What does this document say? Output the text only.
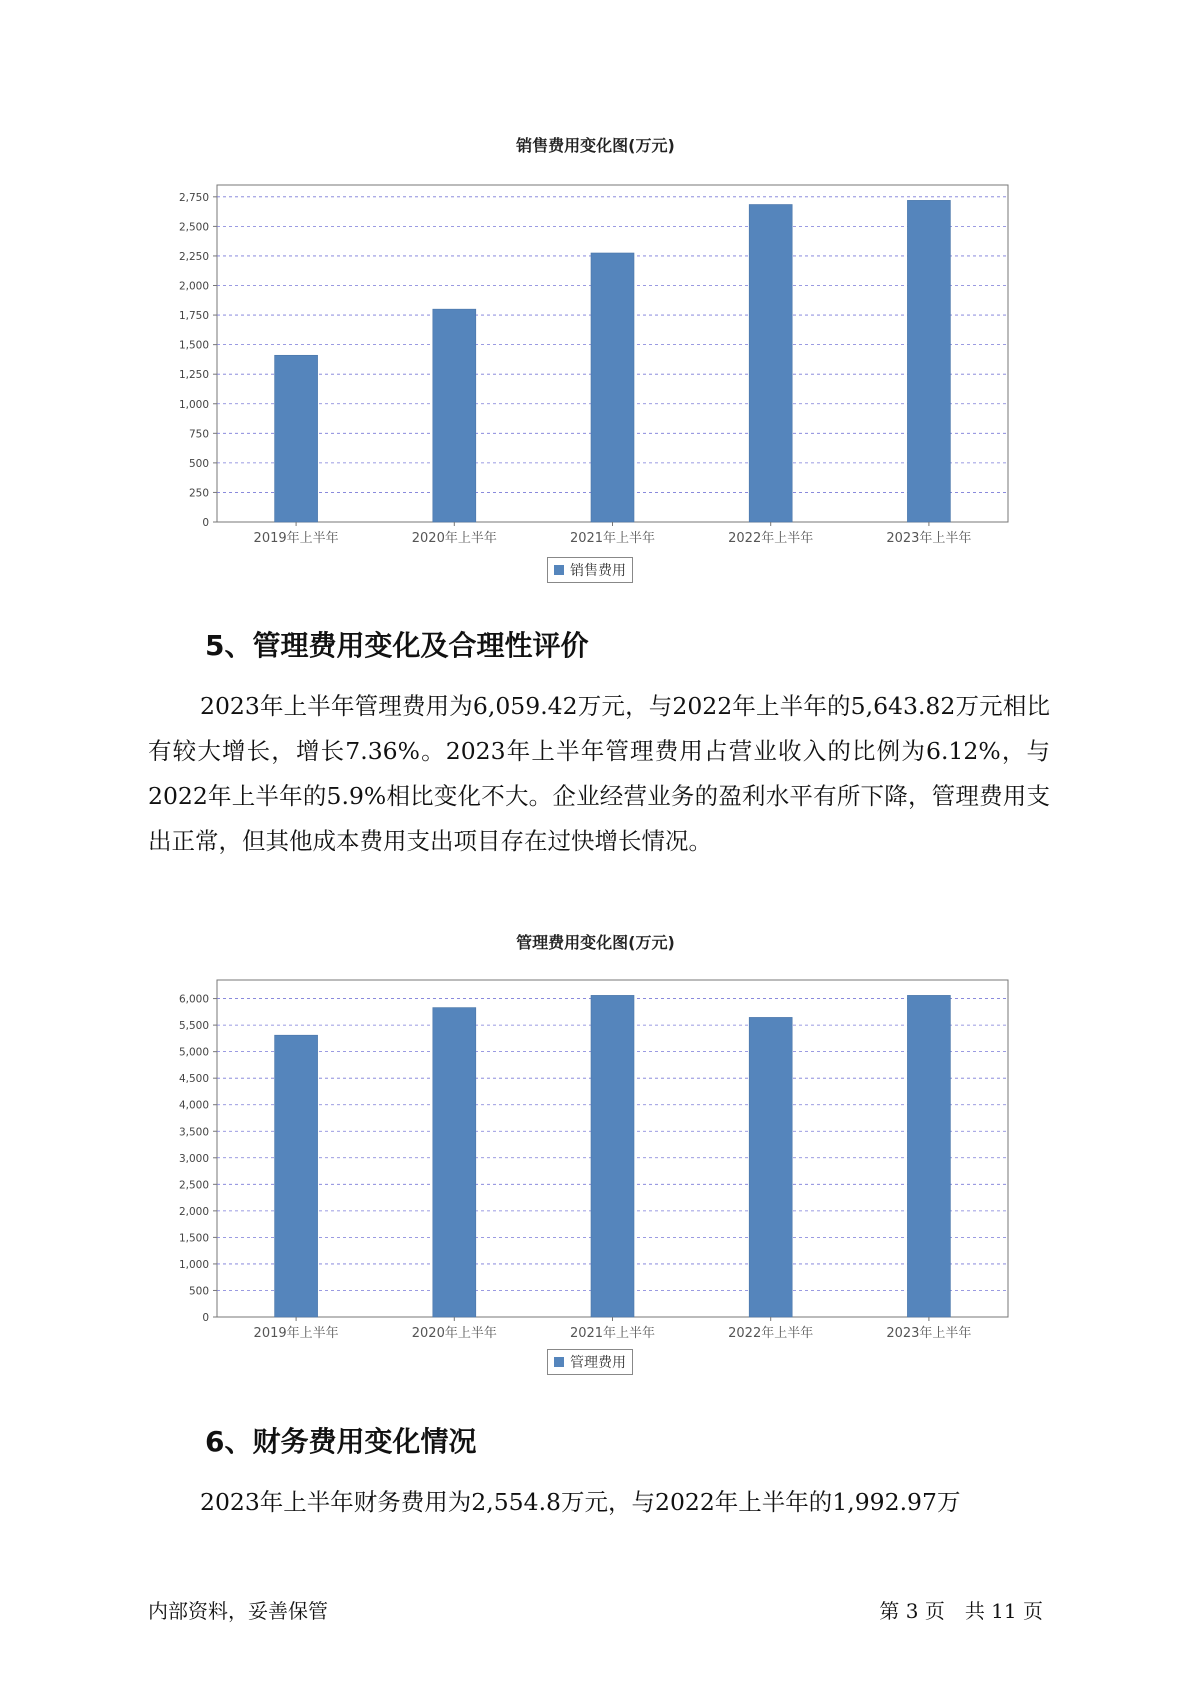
销售费用变化图(万元)
0
250
500
750
1,000
1,250
1,500
1,750
2,000
2,250
2,500
2,750
2019年上半年	2020年上半年	2021年上半年	2022年上半年	2023年上半年
销售费用
5、管理费用变化及合理性评价

2023年上半年管理费用为6,059.42万元，与2022年上半年的5,643.82万元相比有较大增长，增长7.36%。2023年上半年管理费用占营业收入的比例为6.12%，与2022年上半年的5.9%相比变化不大。企业经营业务的盈利水平有所下降，管理费用支出正常，但其他成本费用支出项目存在过快增长情况。

管理费用变化图(万元)
0
500
1,000
1,500
2,000
2,500
3,000
3,500
4,000
4,500
5,000
5,500
6,000
2019年上半年	2020年上半年	2021年上半年	2022年上半年	2023年上半年
管理费用
6、财务费用变化情况

2023年上半年财务费用为2,554.8万元，与2022年上半年的1,992.97万

内部资料，妥善保管	第 3 页　共 11 页
